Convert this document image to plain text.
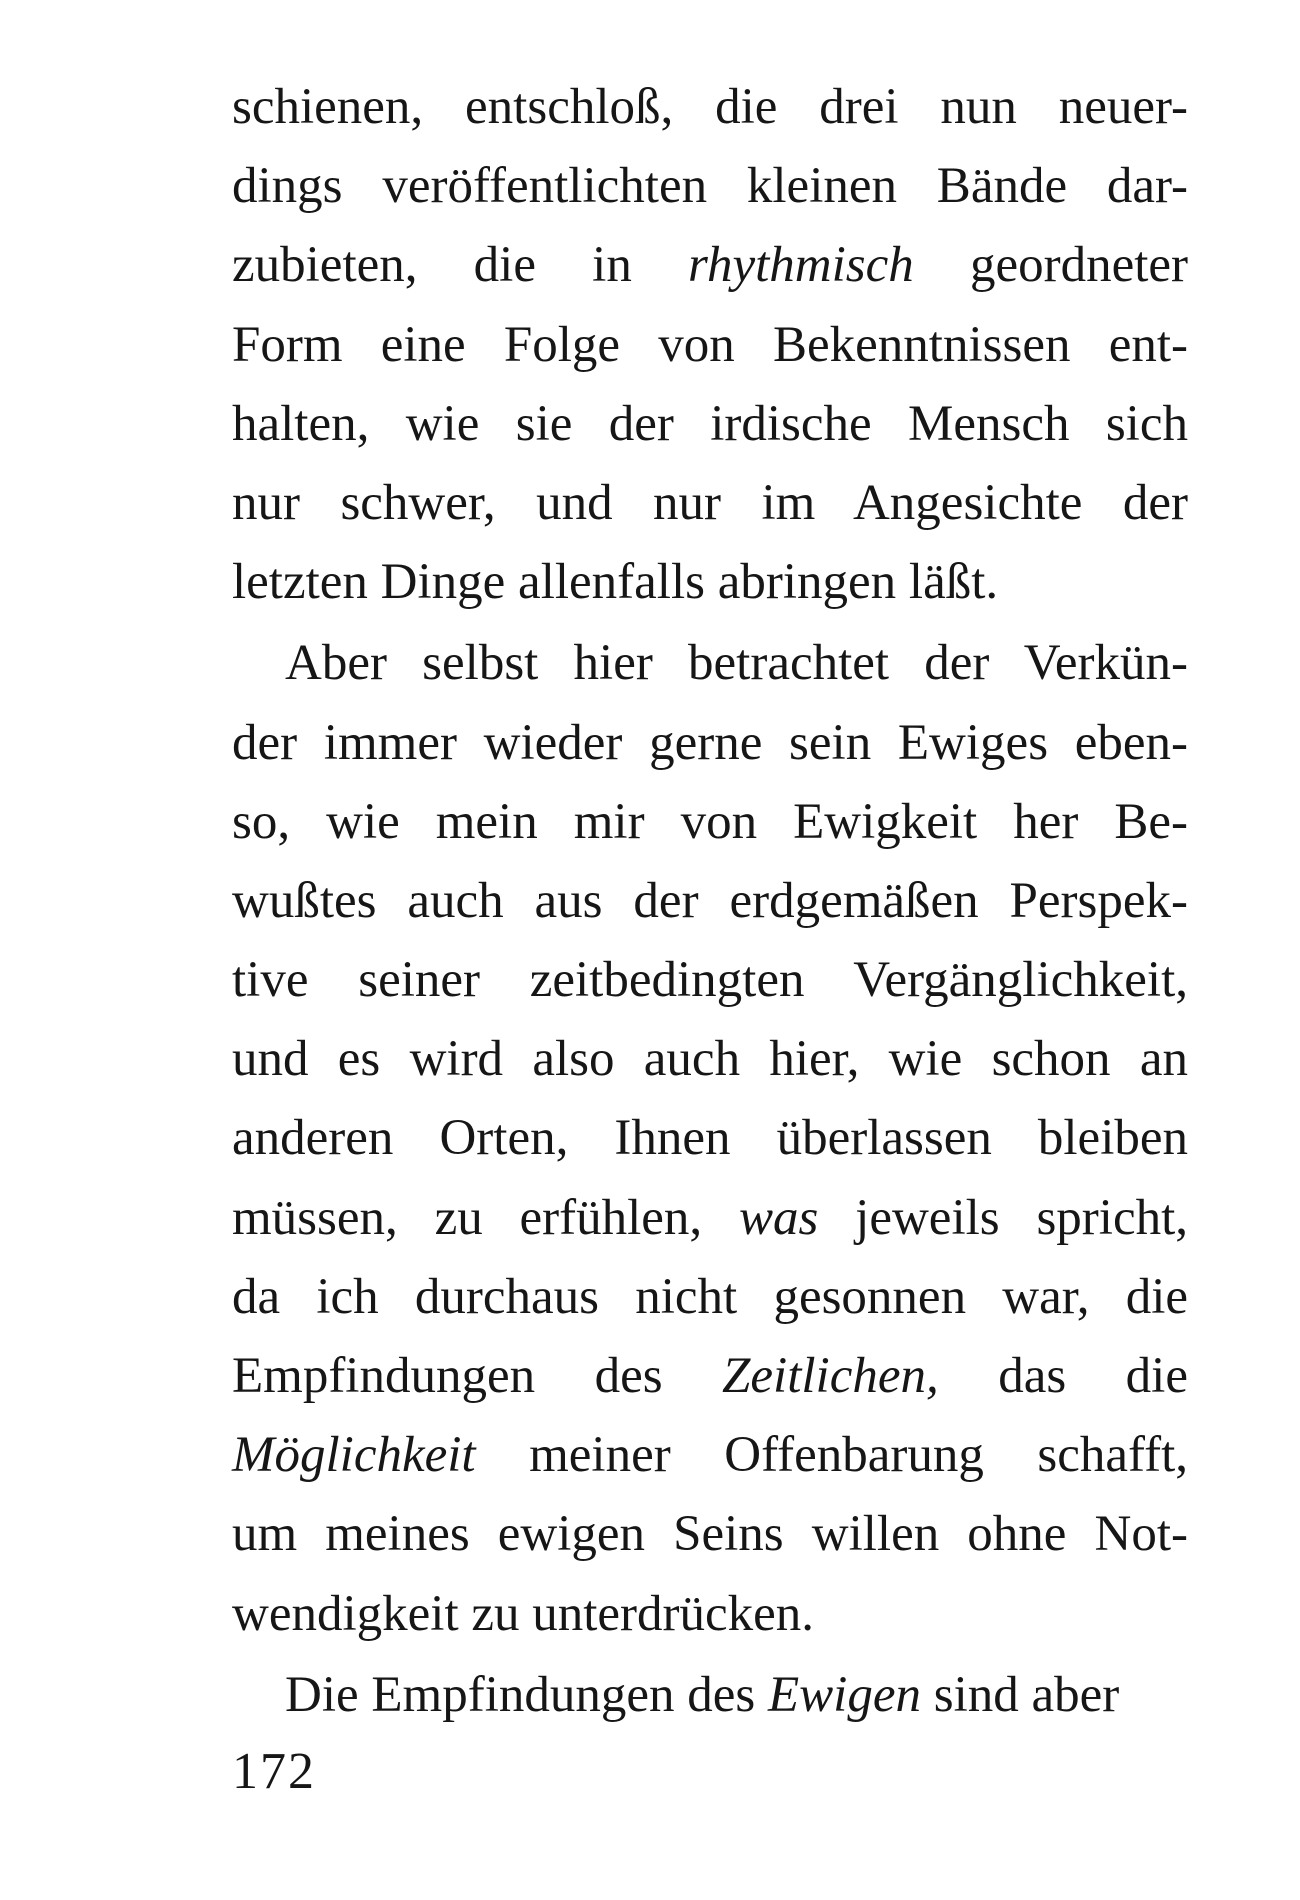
schienen, entschloß, die drei nun neuer-
dings veröffentlichten kleinen Bände dar-
zubieten, die in rhythmisch geordneter
Form eine Folge von Bekenntnissen ent-
halten, wie sie der irdische Mensch sich
nur schwer, und nur im Angesichte der
letzten Dinge allenfalls abringen läßt.
Aber selbst hier betrachtet der Verkün-
der immer wieder gerne sein Ewiges eben-
so, wie mein mir von Ewigkeit her Be-
wußtes auch aus der erdgemäßen Perspek-
tive seiner zeitbedingten Vergänglichkeit,
und es wird also auch hier, wie schon an
anderen Orten, Ihnen überlassen bleiben
müssen, zu erfühlen, was jeweils spricht,
da ich durchaus nicht gesonnen war, die
Empfindungen des Zeitlichen, das die
Möglichkeit meiner Offenbarung schafft,
um meines ewigen Seins willen ohne Not-
wendigkeit zu unterdrücken.
Die Empfindungen des Ewigen sind aber
172
